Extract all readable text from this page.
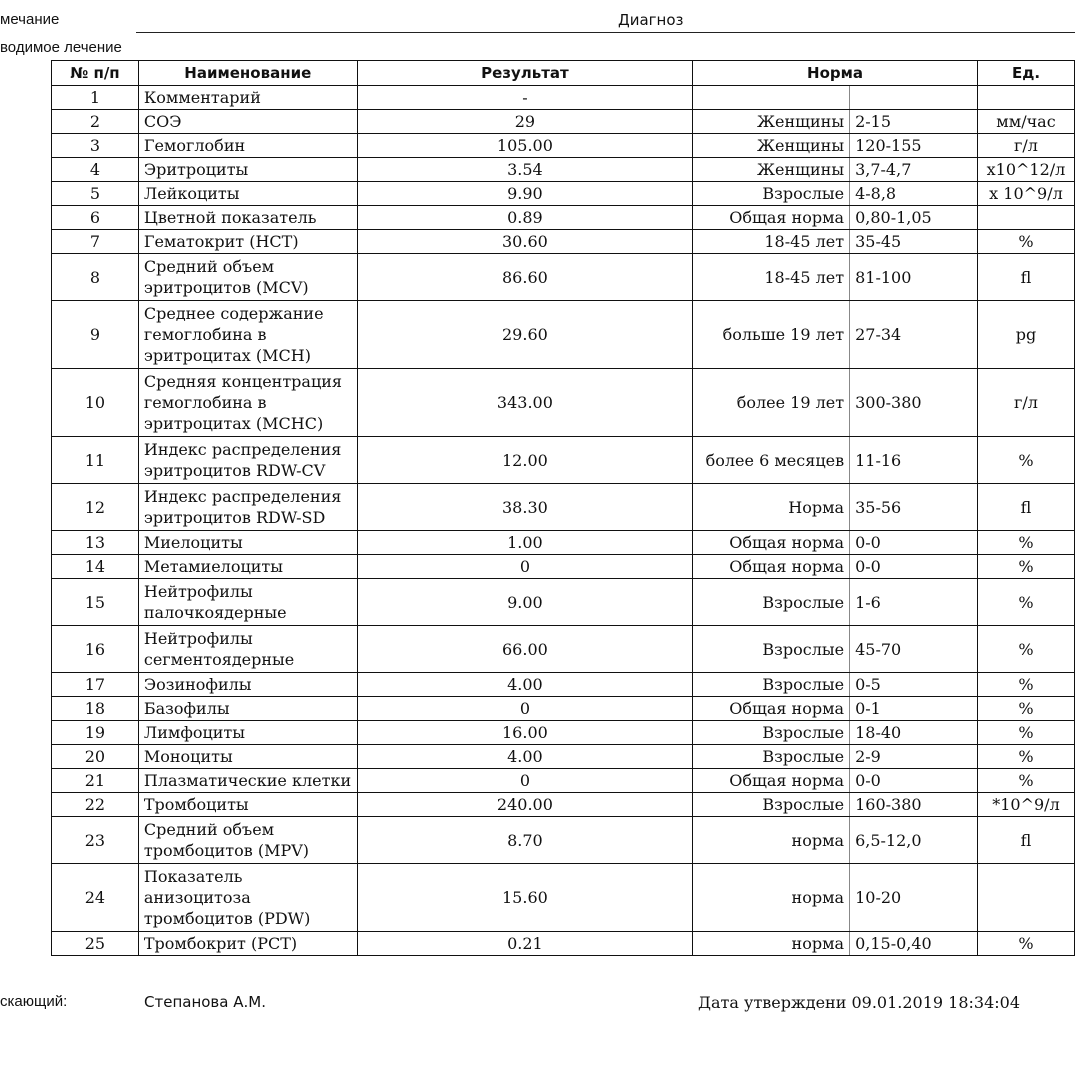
мечание	Диагноз
водимое лечение
№ п/п	Наименование	Результат	Норма		Ед.
1	Комментарий	-			
2	СОЭ	29	Женщины	2-15	мм/час
3	Гемоглобин	105.00	Женщины	120-155	г/л
4	Эритроциты	3.54	Женщины	3,7-4,7	x10^12/л
5	Лейкоциты	9.90	Взрослые	4-8,8	x 10^9/л
6	Цветной показатель	0.89	Общая норма	0,80-1,05	
7	Гематокрит (HCT)	30.60	18-45 лет	35-45	%
8	Средний объем эритроцитов (MCV)	86.60	18-45 лет	81-100	fl
9	Среднее содержание гемоглобина в эритроцитах (MCH)	29.60	больше 19 лет	27-34	pg
10	Средняя концентрация гемоглобина в эритроцитах (MCHC)	343.00	более 19 лет	300-380	г/л
11	Индекс распределения эритроцитов RDW-CV	12.00	более 6 месяцев	11-16	%
12	Индекс распределения эритроцитов RDW-SD	38.30	Норма	35-56	fl
13	Миелоциты	1.00	Общая норма	0-0	%
14	Метамиелоциты	0	Общая норма	0-0	%
15	Нейтрофилы палочкоядерные	9.00	Взрослые	1-6	%
16	Нейтрофилы сегментоядерные	66.00	Взрослые	45-70	%
17	Эозинофилы	4.00	Взрослые	0-5	%
18	Базофилы	0	Общая норма	0-1	%
19	Лимфоциты	16.00	Взрослые	18-40	%
20	Моноциты	4.00	Взрослые	2-9	%
21	Плазматические клетки	0	Общая норма	0-0	%
22	Тромбоциты	240.00	Взрослые	160-380	*10^9/л
23	Средний объем тромбоцитов (MPV)	8.70	норма	6,5-12,0	fl
24	Показатель анизоцитоза тромбоцитов (PDW)	15.60	норма	10-20	
25	Тромбокрит (PCT)	0.21	норма	0,15-0,40	%
скающий:	Степанова А.М.	Дата утверждени 09.01.2019 18:34:04
